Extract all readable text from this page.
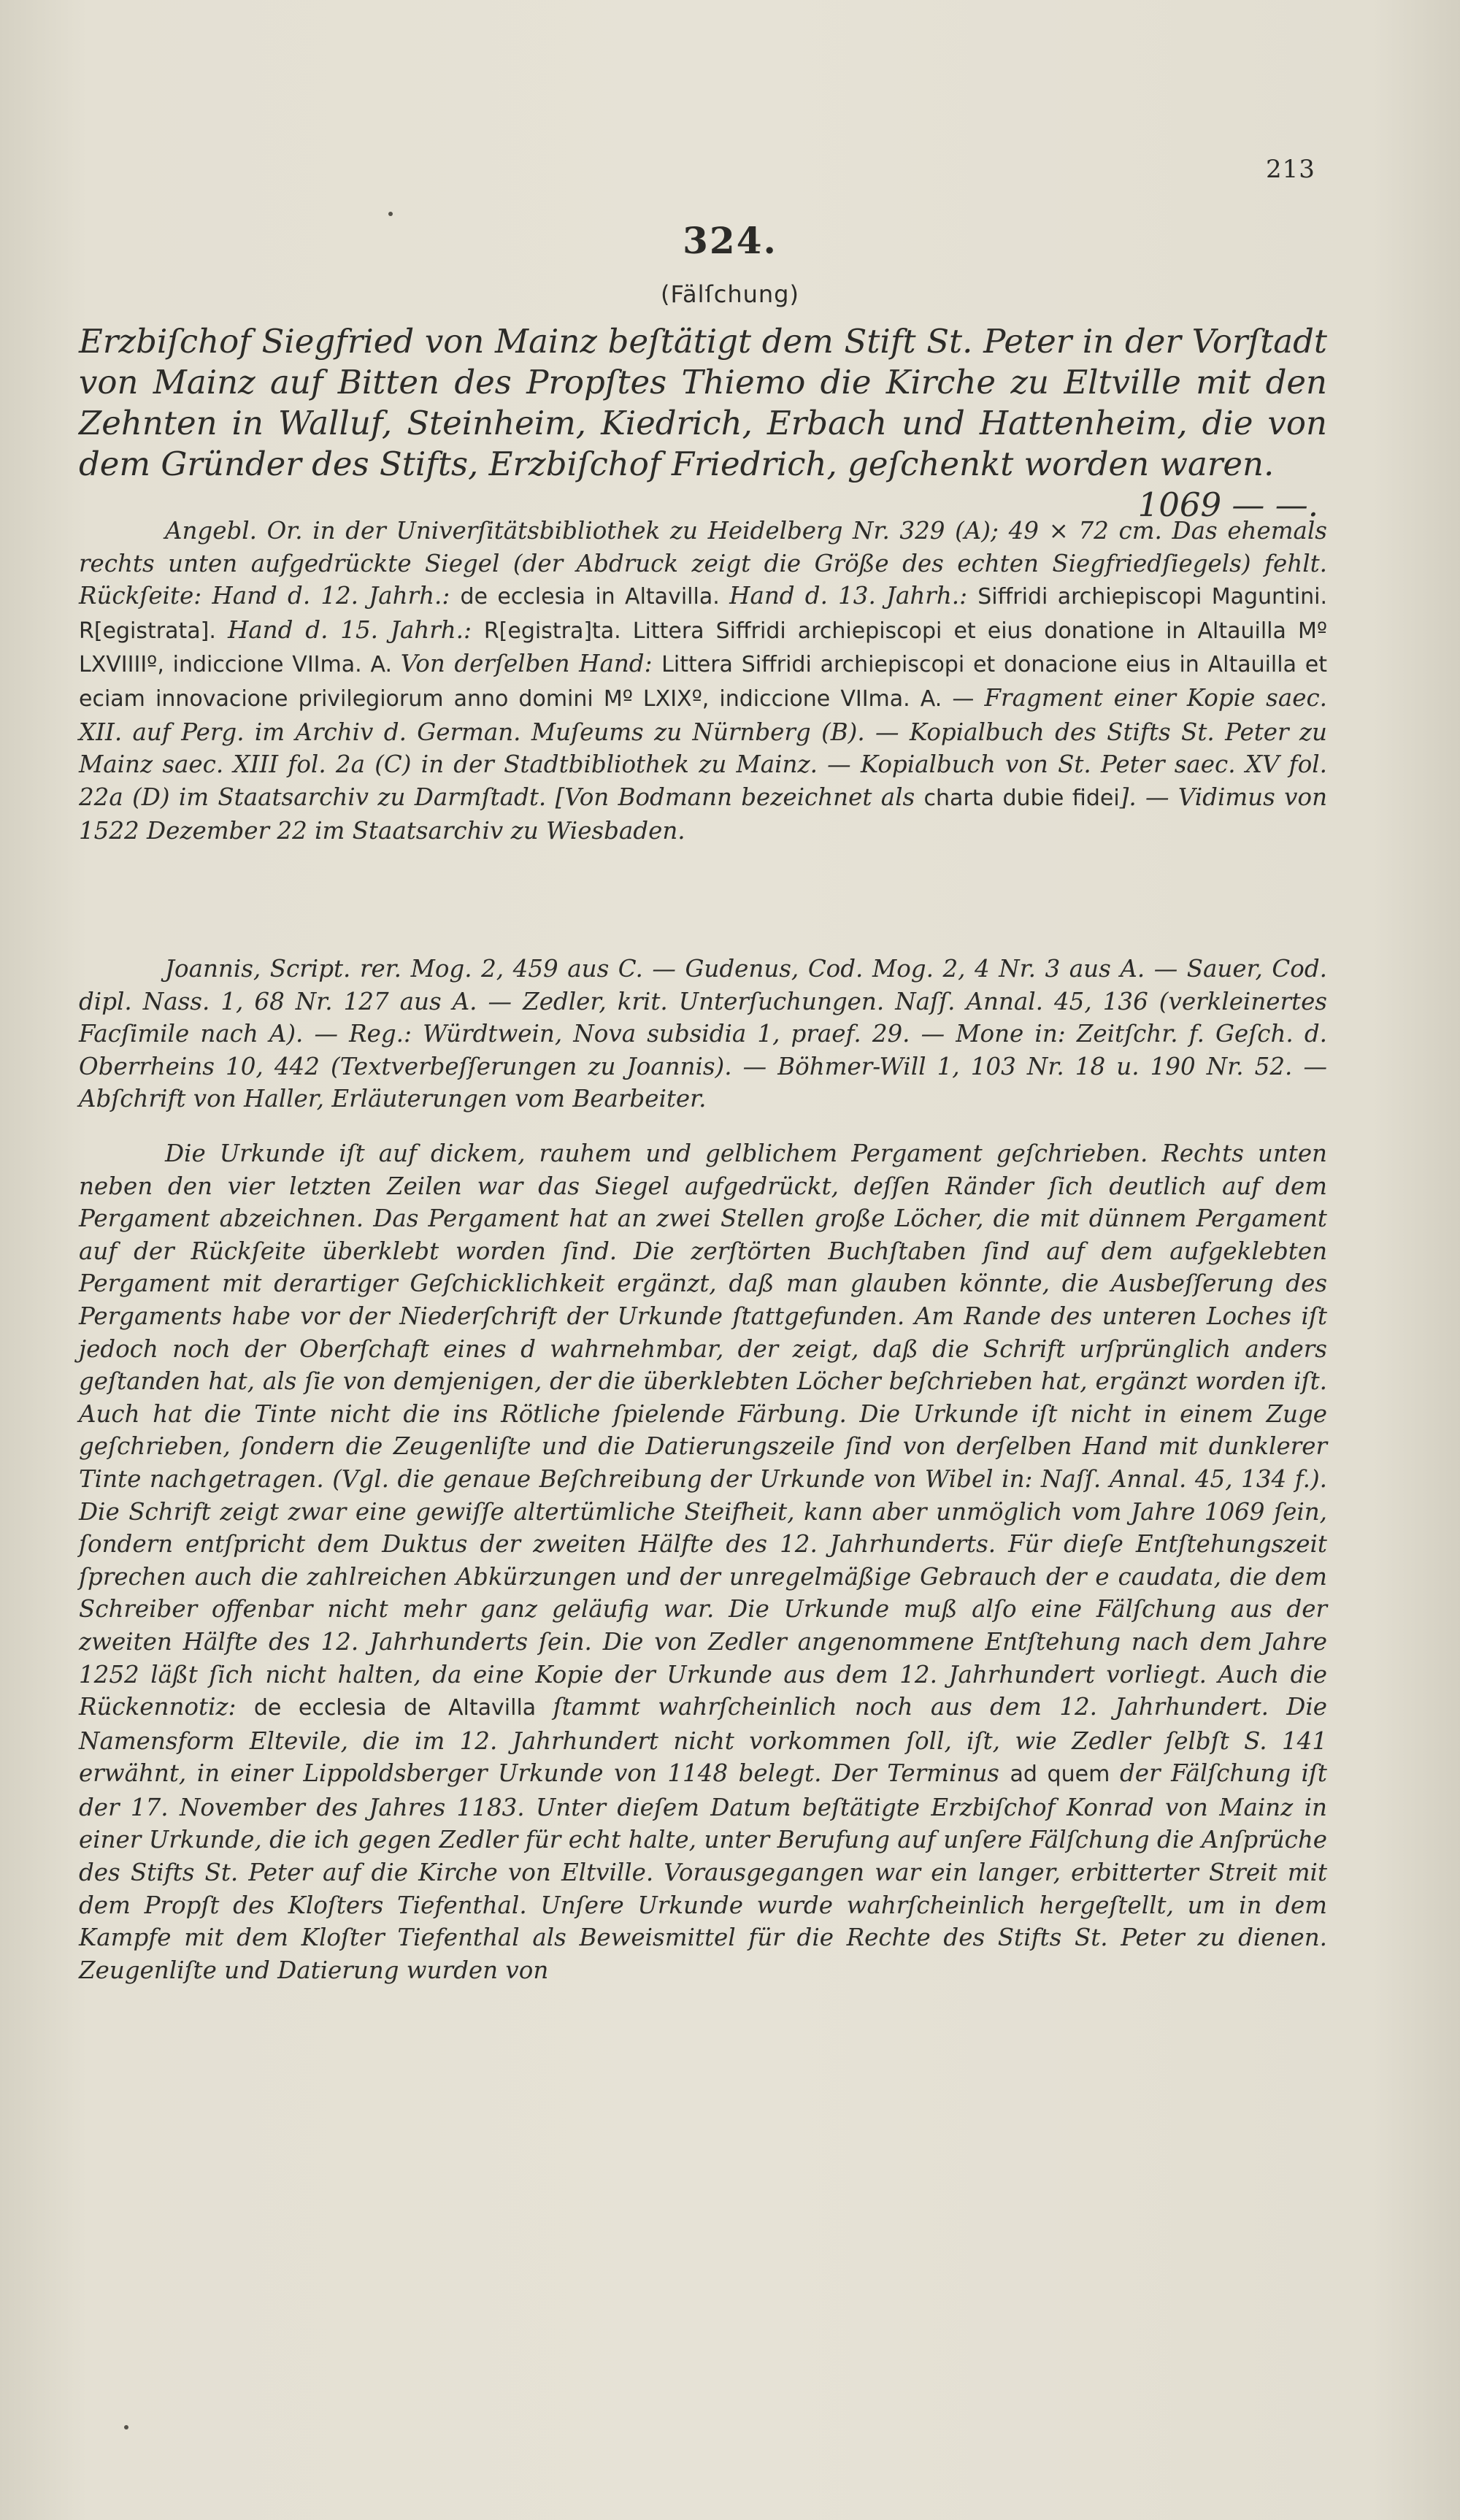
213
324.
(Fälſchung)
Erzbiſchof Siegfried von Mainz beſtätigt dem Stift St. Peter in der Vorſtadt von Mainz auf Bitten des Propſtes Thiemo die Kirche zu Eltville mit den Zehnten in Walluf, Steinheim, Kiedrich, Erbach und Hattenheim, die von dem Gründer des Stifts, Erzbiſchof Friedrich, geſchenkt worden waren.
1069 — —.
Angebl. Or. in der Univerſitätsbibliothek zu Heidelberg Nr. 329 (A); 49 × 72 cm. Das ehemals rechts unten aufgedrückte Siegel (der Abdruck zeigt die Größe des echten Siegfriedſiegels) fehlt. Rückſeite: Hand d. 12. Jahrh.: de ecclesia in Altavilla. Hand d. 13. Jahrh.: Siffridi archiepiscopi Maguntini. R[egistrata]. Hand d. 15. Jahrh.: R[egistra]ta. Littera Siffridi archiepiscopi et eius donatione in Altauilla Mº LXVIIIIº, indiccione VIIma. A. Von derſelben Hand: Littera Siffridi archiepiscopi et donacione eius in Altauilla et eciam innovacione privilegiorum anno domini Mº LXIXº, indiccione VIIma. A. — Fragment einer Kopie saec. XII. auf Perg. im Archiv d. German. Muſeums zu Nürnberg (B). — Kopialbuch des Stifts St. Peter zu Mainz saec. XIII fol. 2a (C) in der Stadtbibliothek zu Mainz. — Kopialbuch von St. Peter saec. XV fol. 22a (D) im Staatsarchiv zu Darmſtadt. [Von Bodmann bezeichnet als charta dubie fidei]. — Vidimus von 1522 Dezember 22 im Staatsarchiv zu Wiesbaden.
Joannis, Script. rer. Mog. 2, 459 aus C. — Gudenus, Cod. Mog. 2, 4 Nr. 3 aus A. — Sauer, Cod. dipl. Nass. 1, 68 Nr. 127 aus A. — Zedler, krit. Unterſuchungen. Naſſ. Annal. 45, 136 (verkleinertes Facſimile nach A). — Reg.: Würdtwein, Nova subsidia 1, praef. 29. — Mone in: Zeitſchr. f. Geſch. d. Oberrheins 10, 442 (Textverbeſſerungen zu Joannis). — Böhmer-Will 1, 103 Nr. 18 u. 190 Nr. 52. — Abſchrift von Haller, Erläuterungen vom Bearbeiter.
Die Urkunde iſt auf dickem, rauhem und gelblichem Pergament geſchrieben. Rechts unten neben den vier letzten Zeilen war das Siegel aufgedrückt, deſſen Ränder ſich deutlich auf dem Pergament abzeichnen. Das Pergament hat an zwei Stellen große Löcher, die mit dünnem Pergament auf der Rückſeite überklebt worden ſind. Die zerſtörten Buchſtaben ſind auf dem aufgeklebten Pergament mit derartiger Geſchicklichkeit ergänzt, daß man glauben könnte, die Ausbeſſerung des Pergaments habe vor der Niederſchrift der Urkunde ſtattgefunden. Am Rande des unteren Loches iſt jedoch noch der Oberſchaft eines d wahrnehmbar, der zeigt, daß die Schrift urſprünglich anders geſtanden hat, als ſie von demjenigen, der die überklebten Löcher beſchrieben hat, ergänzt worden iſt. Auch hat die Tinte nicht die ins Rötliche ſpielende Färbung. Die Urkunde iſt nicht in einem Zuge geſchrieben, ſondern die Zeugenliſte und die Datierungszeile ſind von derſelben Hand mit dunklerer Tinte nachgetragen. (Vgl. die genaue Beſchreibung der Urkunde von Wibel in: Naſſ. Annal. 45, 134 f.). Die Schrift zeigt zwar eine gewiſſe altertümliche Steifheit, kann aber unmöglich vom Jahre 1069 ſein, ſondern entſpricht dem Duktus der zweiten Hälfte des 12. Jahrhunderts. Für dieſe Entſtehungszeit ſprechen auch die zahlreichen Abkürzungen und der unregelmäßige Gebrauch der e caudata, die dem Schreiber offenbar nicht mehr ganz geläufig war. Die Urkunde muß alſo eine Fälſchung aus der zweiten Hälfte des 12. Jahrhunderts ſein. Die von Zedler angenommene Entſtehung nach dem Jahre 1252 läßt ſich nicht halten, da eine Kopie der Urkunde aus dem 12. Jahrhundert vorliegt. Auch die Rückennotiz: de ecclesia de Altavilla ſtammt wahrſcheinlich noch aus dem 12. Jahrhundert. Die Namensform Eltevile, die im 12. Jahrhundert nicht vorkommen ſoll, iſt, wie Zedler ſelbſt S. 141 erwähnt, in einer Lippoldsberger Urkunde von 1148 belegt. Der Terminus ad quem der Fälſchung iſt der 17. November des Jahres 1183. Unter dieſem Datum beſtätigte Erzbiſchof Konrad von Mainz in einer Urkunde, die ich gegen Zedler für echt halte, unter Berufung auf unſere Fälſchung die Anſprüche des Stifts St. Peter auf die Kirche von Eltville. Vorausgegangen war ein langer, erbitterter Streit mit dem Propſt des Kloſters Tiefenthal. Unſere Urkunde wurde wahrſcheinlich hergeſtellt, um in dem Kampfe mit dem Kloſter Tiefenthal als Beweismittel für die Rechte des Stifts St. Peter zu dienen. Zeugenliſte und Datierung wurden von
